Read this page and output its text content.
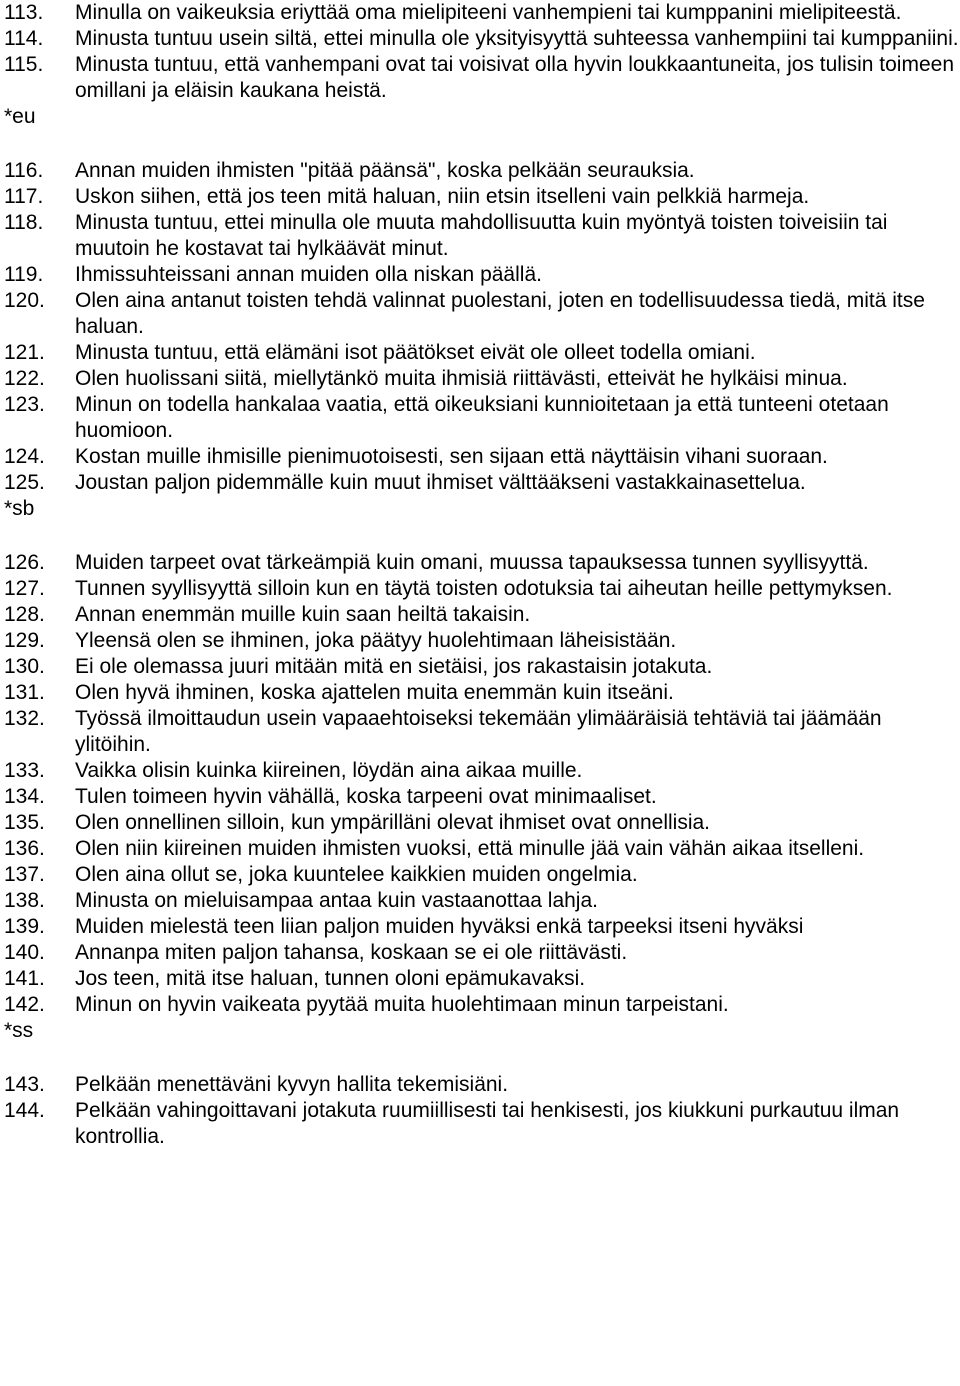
113. Minulla on vaikeuksia eriyttää oma mielipiteeni vanhempieni tai kumppanini mielipiteestä.
114. Minusta tuntuu usein siltä, ettei minulla ole yksityisyyttä suhteessa vanhempiini tai kumppaniini.
115. Minusta tuntuu, että vanhempani ovat tai voisivat olla hyvin loukkaantuneita, jos tulisin toimeen omillani ja eläisin kaukana heistä.
*eu
116. Annan muiden ihmisten "pitää päänsä", koska pelkään seurauksia.
117. Uskon siihen, että jos teen mitä haluan, niin etsin itselleni vain pelkkiä harmeja.
118. Minusta tuntuu, ettei minulla ole muuta mahdollisuutta kuin myöntyä toisten toiveisiin tai muutoin he kostavat tai hylkäävät minut.
119. Ihmissuhteissani annan muiden olla niskan päällä.
120. Olen aina antanut toisten tehdä valinnat puolestani, joten en todellisuudessa tiedä, mitä itse haluan.
121. Minusta tuntuu, että elämäni isot päätökset eivät ole olleet todella omiani.
122. Olen huolissani siitä, miellytänkö muita ihmisiä riittävästi, etteivät he hylkäisi minua.
123. Minun on todella hankalaa vaatia, että oikeuksiani kunnioitetaan ja että tunteeni otetaan huomioon.
124. Kostan muille ihmisille pienimuotoisesti, sen sijaan että näyttäisin vihani suoraan.
125. Joustan paljon pidemmälle kuin muut ihmiset välttääkseni vastakkainasettelua.
*sb
126. Muiden tarpeet ovat tärkeämpiä kuin omani, muussa tapauksessa tunnen syyllisyyttä.
127. Tunnen syyllisyyttä silloin kun en täytä toisten odotuksia tai aiheutan heille pettymyksen.
128. Annan enemmän muille kuin saan heiltä takaisin.
129. Yleensä olen se ihminen, joka päätyy huolehtimaan läheisistään.
130. Ei ole olemassa juuri mitään mitä en sietäisi, jos rakastaisin jotakuta.
131. Olen hyvä ihminen, koska ajattelen muita enemmän kuin itseäni.
132. Työssä ilmoittaudun usein vapaaehtoiseksi tekemään ylimääräisiä tehtäviä tai jäämään ylitöihin.
133. Vaikka olisin kuinka kiireinen, löydän aina aikaa muille.
134. Tulen toimeen hyvin vähällä, koska tarpeeni ovat minimaaliset.
135. Olen onnellinen silloin, kun ympärilläni olevat ihmiset ovat onnellisia.
136. Olen niin kiireinen muiden ihmisten vuoksi, että minulle jää vain vähän aikaa itselleni.
137. Olen aina ollut se, joka kuuntelee kaikkien muiden ongelmia.
138. Minusta on mieluisampaa antaa kuin vastaanottaa lahja.
139. Muiden mielestä teen liian paljon muiden hyväksi enkä tarpeeksi itseni hyväksi
140. Annanpa miten paljon tahansa, koskaan se ei ole riittävästi.
141. Jos teen, mitä itse haluan, tunnen oloni epämukavaksi.
142. Minun on hyvin vaikeata pyytää muita huolehtimaan minun tarpeistani.
*ss
143. Pelkään menettäväni kyvyn hallita tekemisiäni.
144. Pelkään vahingoittavani jotakuta ruumiillisesti tai henkisesti, jos kiukkuni purkautuu ilman kontrollia.
